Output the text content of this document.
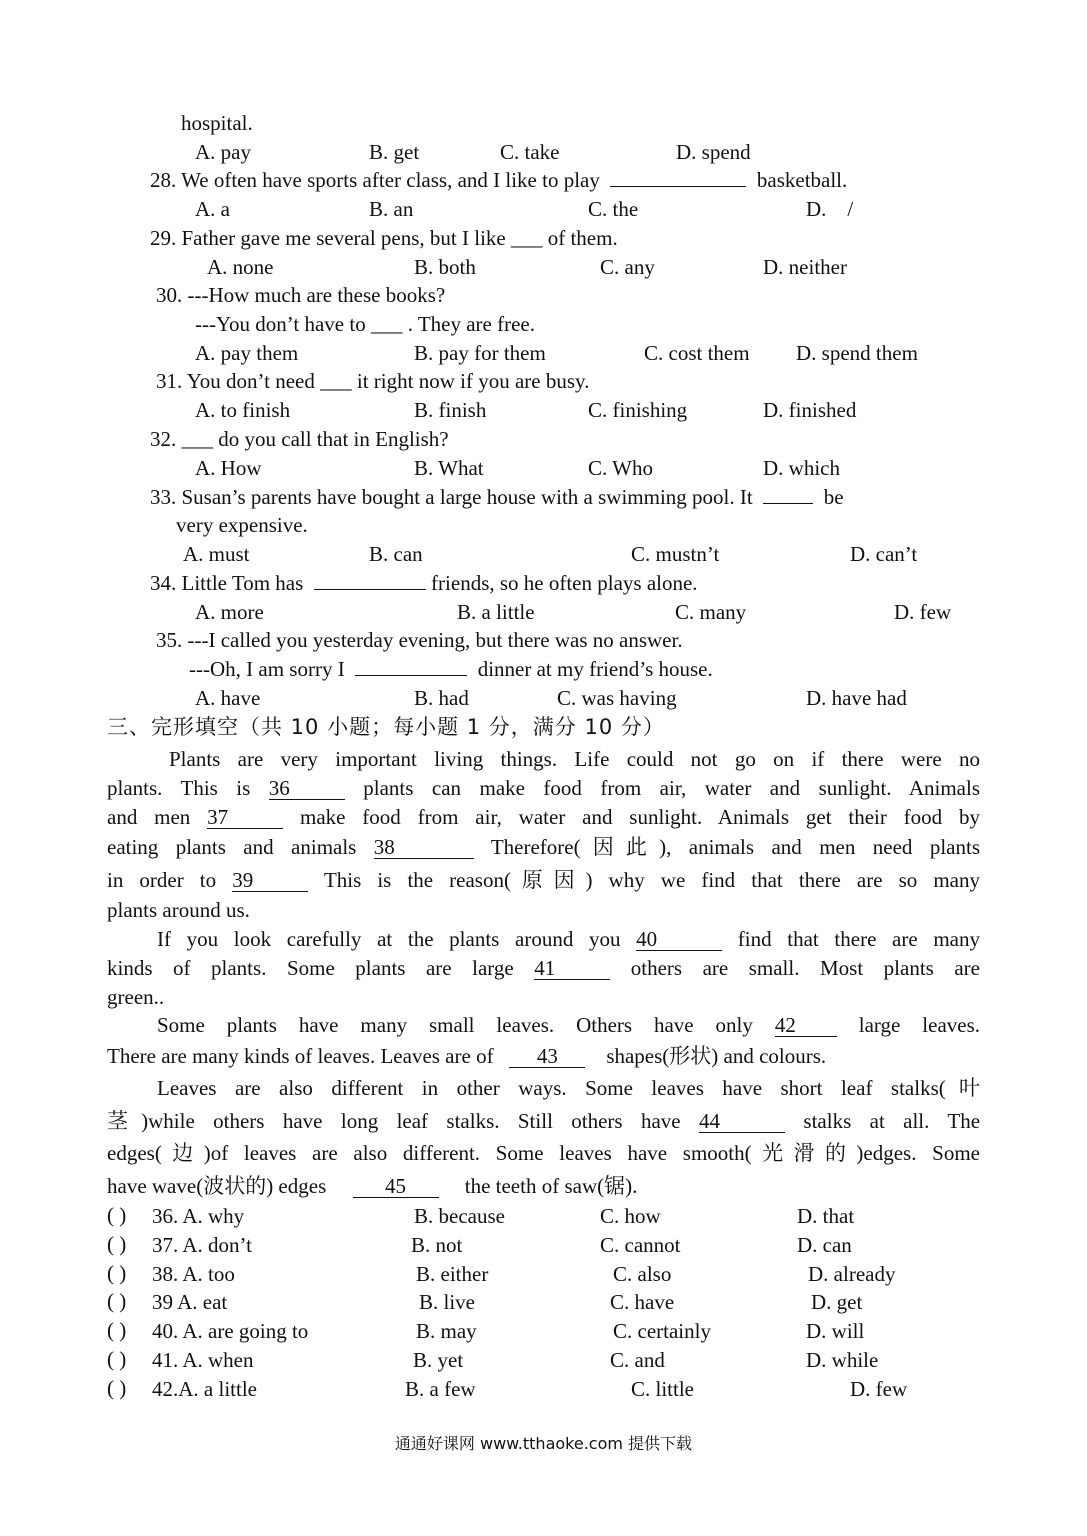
hospital.
A. pay	B. get	C. take	D. spend
28. We often have sports after class, and I like to play	basketball.
A. a	B. an	C. the	D.    /
29. Father gave me several pens, but I like ___ of them.
A. none	B. both	C. any	D. neither
30. ---How much are these books?
---You don’t have to ___ . They are free.
A. pay them	B. pay for them	C. cost them D. spend them
31. You don’t need ___ it right now if you are busy.
A. to finish	B. finish	C. finishing	D. finished
32. ___ do you call that in English?
A. How	B. What	C. Who	D. which
33. Susan’s parents have bought a large house with a swimming pool. It	be
very expensive.
A. must	B. can	C. mustn’t	D. can’t
34. Little Tom has	friends, so he often plays alone.
A. more	B. a little	C. many	D. few
35. ---I called you yesterday evening, but there was no answer.
---Oh, I am sorry I	dinner at my friend’s house.
A. have	B. had	C. was having	D. have had
三、完形填空（共 10 小题；每小题 1 分，满分 10 分）
Plants are very important living things. Life could not go on if there were no
plants. This is 36	plants can make food from air, water and sunlight. Animals
and men 37	make food from air, water and sunlight. Animals get their food by
eating plants and animals 38	Therefore(因此), animals and men need plants
in order to 39	This is the reason(原因) why we find that there are so many
plants around us.
If you look carefully at the plants around you 40	find that there are many
kinds of plants. Some plants are large 41	others are small. Most plants are
green..
Some plants have many small leaves. Others have only 42	large leaves.
There are many kinds of leaves. Leaves are of 43 shapes(形状) and colours.
Leaves are also different in other ways. Some leaves have short leaf stalks(叶
茎)while others have long leaf stalks. Still others have 44	stalks at all. The
edges(边)of leaves are also different. Some leaves have smooth(光滑的)edges. Some
have wave(波状的) edges	45	the teeth of saw(锯).
( ) 36. A. why	B. because	C. how	D. that
( ) 37. A. don’t	B. not	C. cannot	D. can
( ) 38. A. too	B. either	C. also	D. already
( ) 39 A. eat	B. live	C. have	D. get
( ) 40. A. are going to	B. may	C. certainly	D. will
( ) 41. A. when	B. yet	C. and	D. while
( ) 42.A. a little	B. a few	C. little	D. few
通通好课网 www.tthaoke.com 提供下载
